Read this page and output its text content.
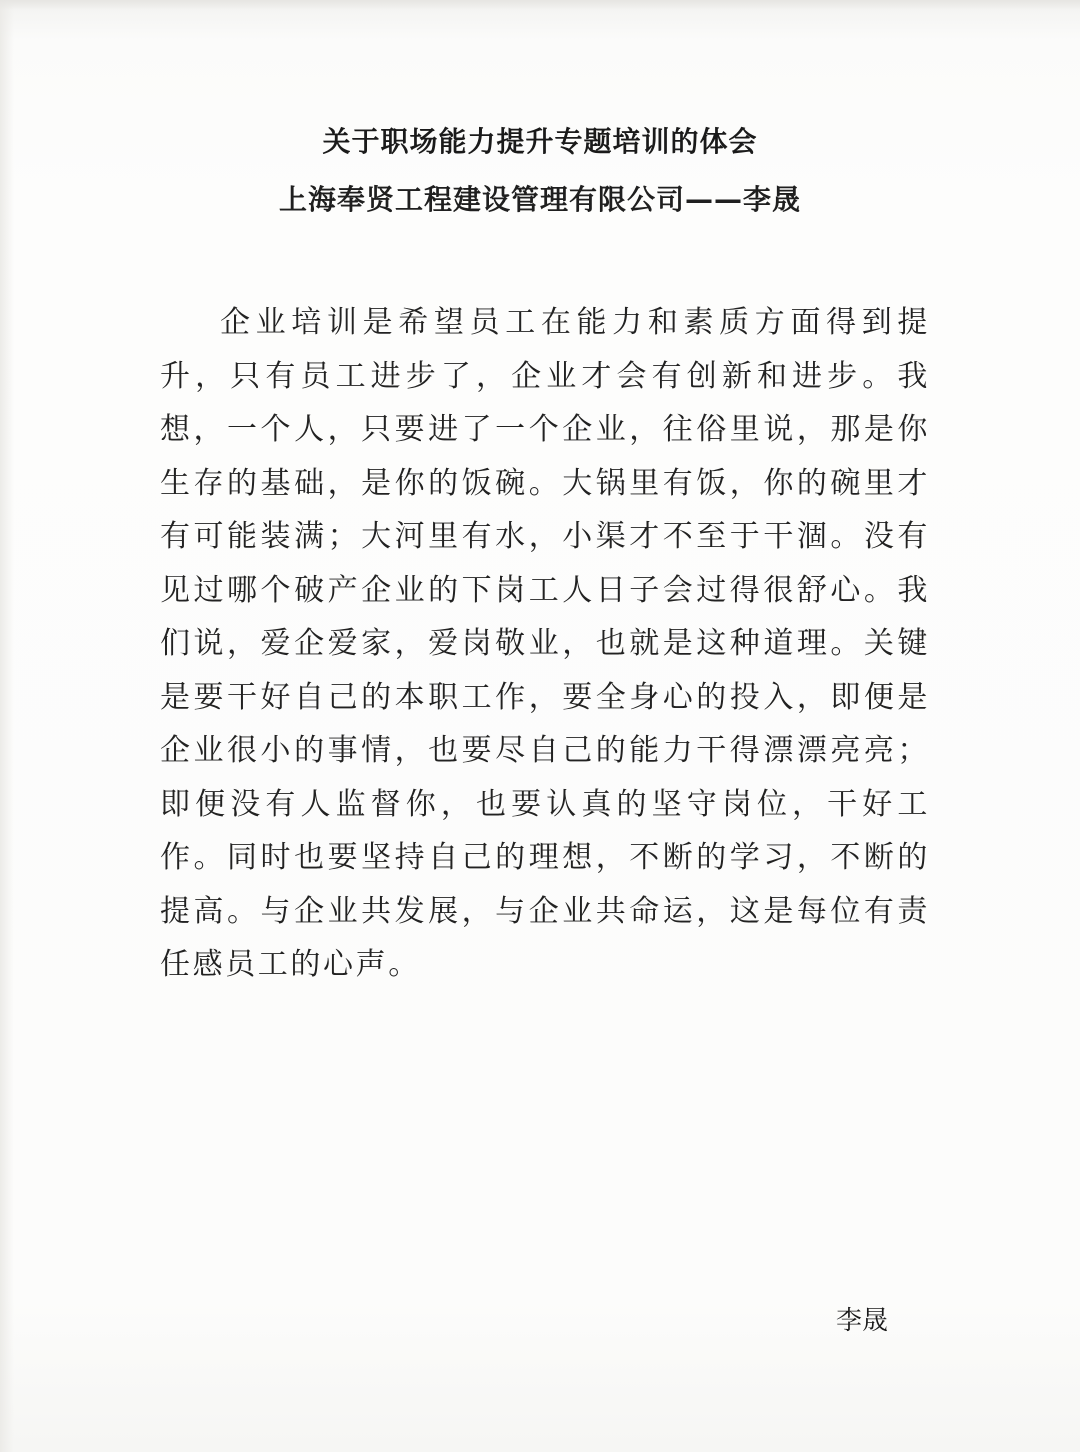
关于职场能力提升专题培训的体会
上海奉贤工程建设管理有限公司——李晟

企业培训是希望员工在能力和素质方面得到提升，只有员工进步了，企业才会有创新和进步。我想，一个人，只要进了一个企业，往俗里说，那是你生存的基础，是你的饭碗。大锅里有饭，你的碗里才有可能装满；大河里有水，小渠才不至于干涸。没有见过哪个破产企业的下岗工人日子会过得很舒心。我们说，爱企爱家，爱岗敬业，也就是这种道理。关键是要干好自己的本职工作，要全身心的投入，即便是企业很小的事情，也要尽自己的能力干得漂漂亮亮；即便没有人监督你，也要认真的坚守岗位，干好工作。同时也要坚持自己的理想，不断的学习，不断的提高。与企业共发展，与企业共命运，这是每位有责任感员工的心声。

李晟
